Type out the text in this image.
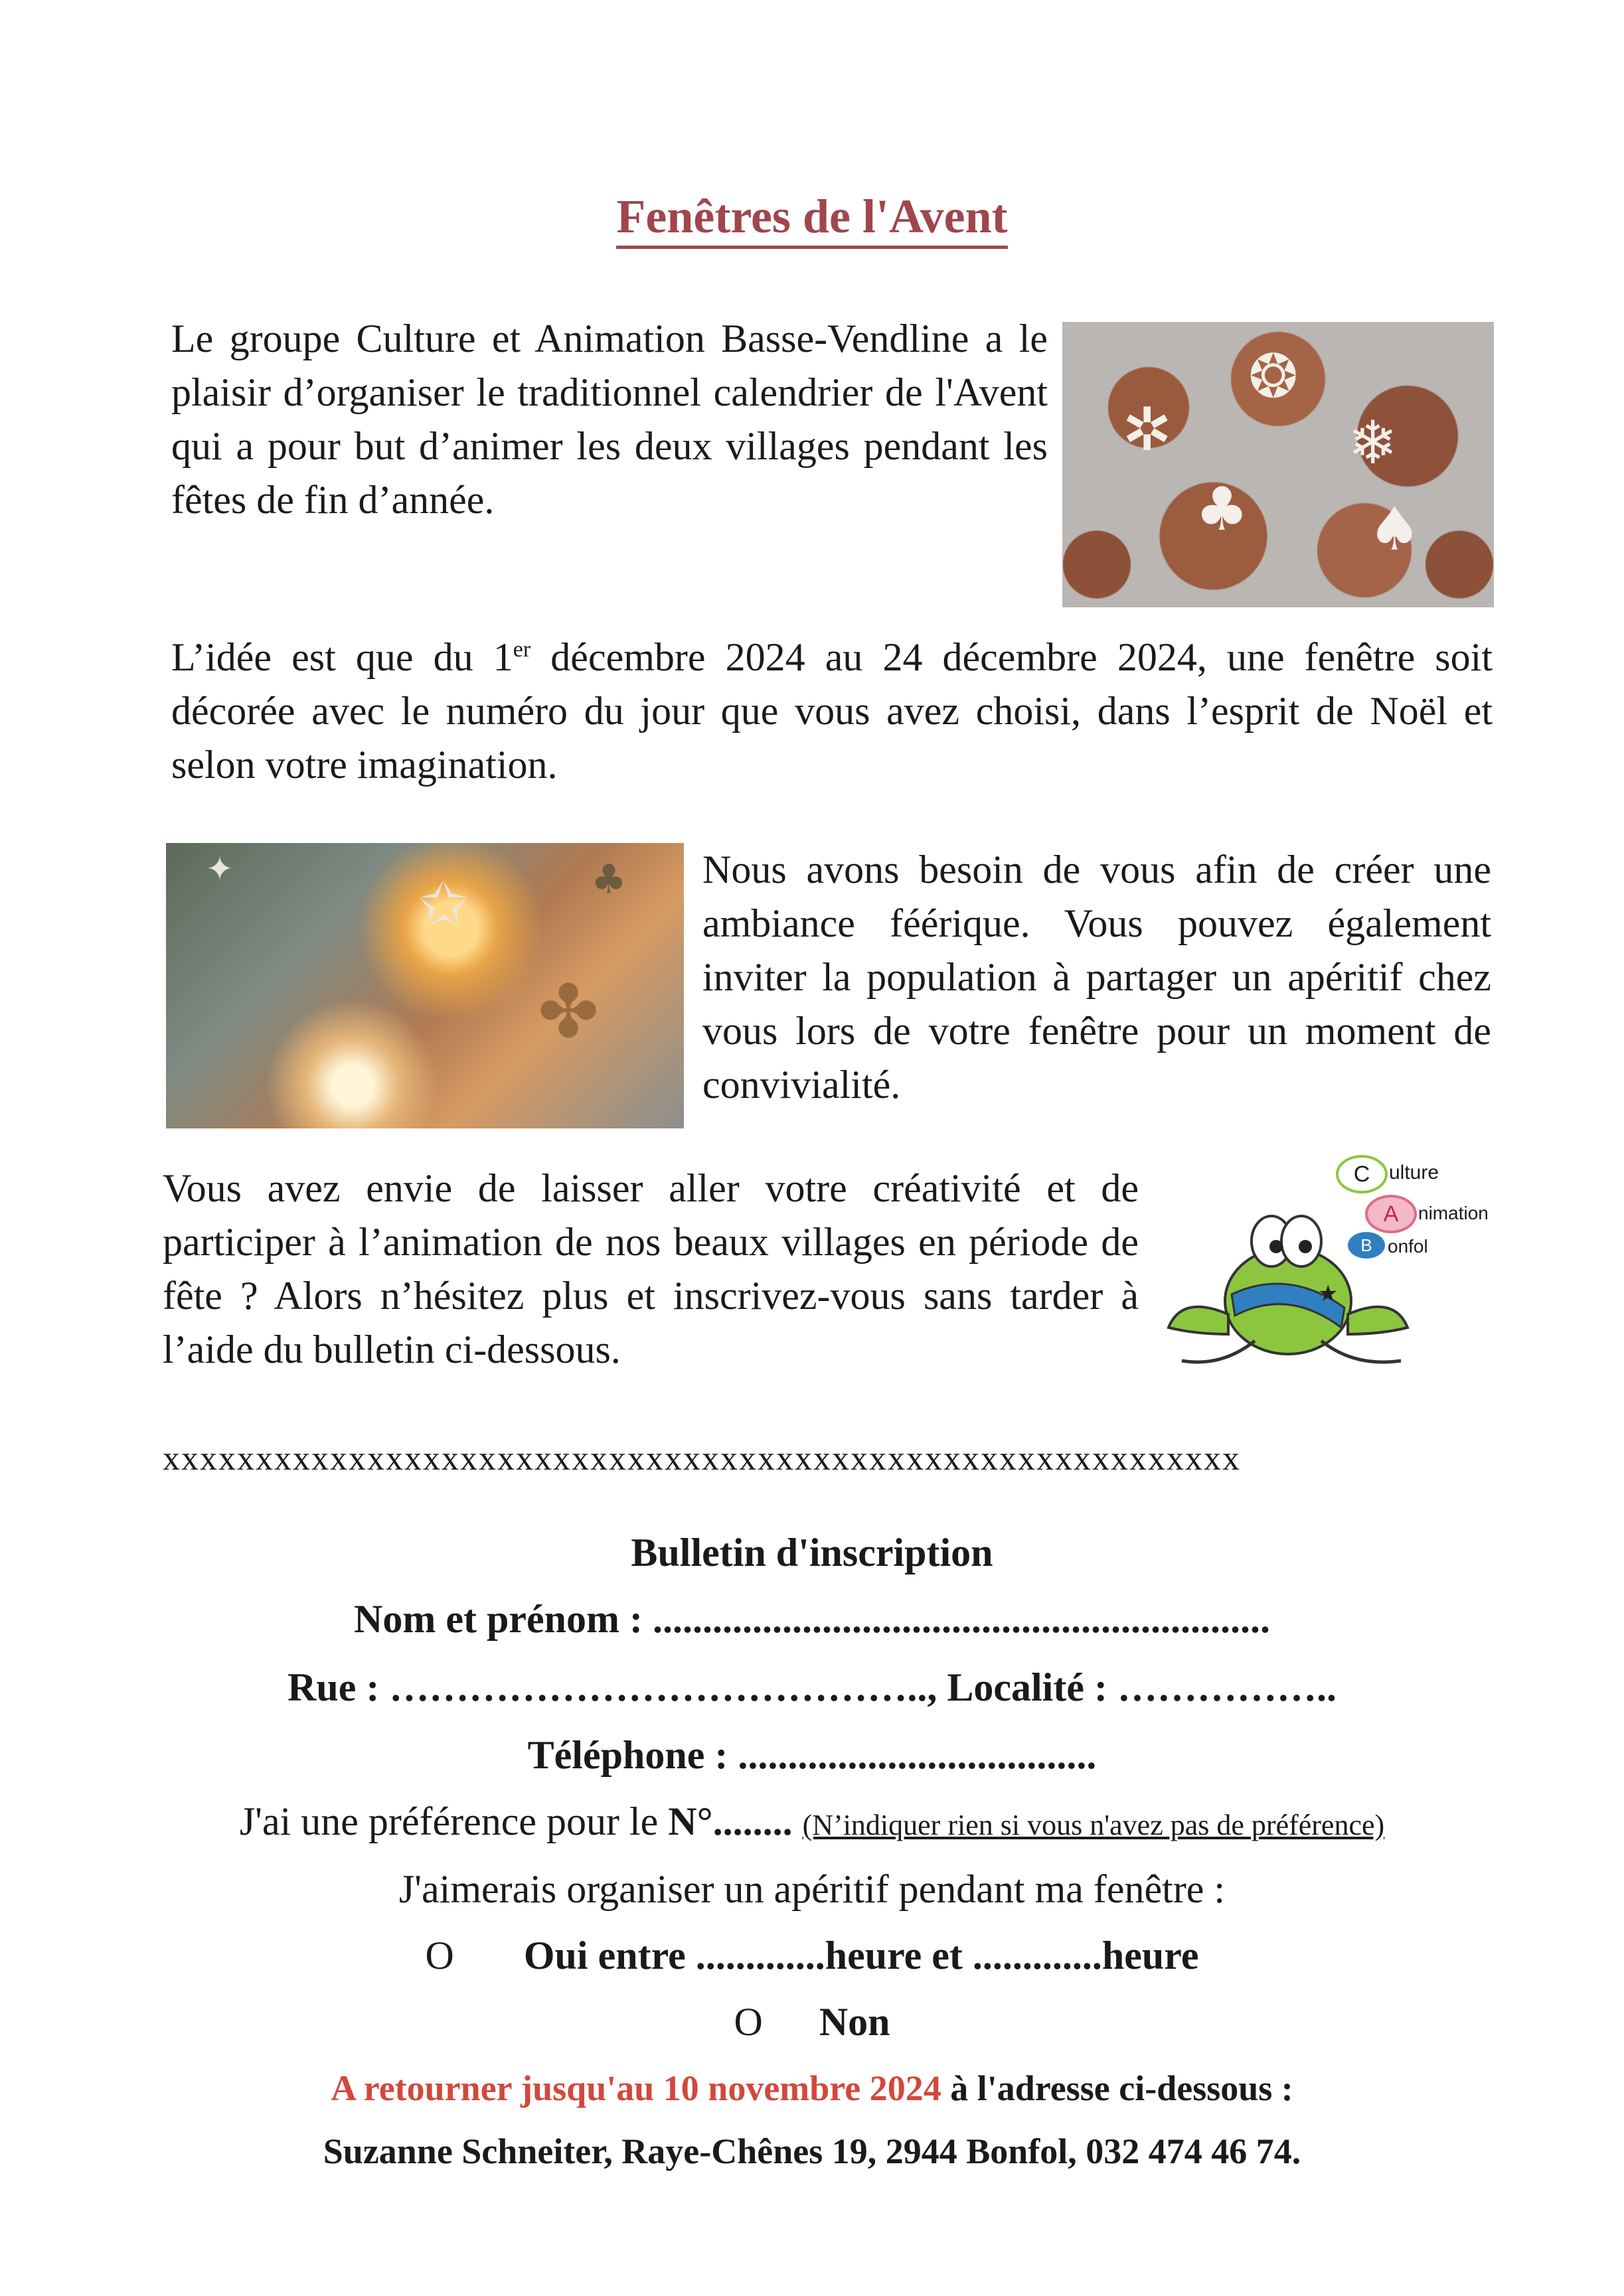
Fenêtres de l'Avent

Le groupe Culture et Animation Basse-Vendline a le plaisir d’organiser le traditionnel calendrier de l'Avent qui a pour but d’animer les deux villages pendant les fêtes de fin d’année.

✲
❂
❄
♣ ♠

L’idée est que du 1er décembre 2024 au 24 décembre 2024, une fenêtre soit décorée avec le numéro du jour que vous avez choisi, dans l’esprit de Noël et selon votre imagination.

✩
✦	♣
✤

Nous avons besoin de vous afin de créer une ambiance féérique. Vous pouvez également inviter la population à partager un apéritif chez vous lors de votre fenêtre pour un moment de convivialité.

Vous avez envie de laisser aller votre créativité et de participer à l’animation de nos beaux villages en période de fête ? Alors n’hésitez plus et inscrivez-vous sans tarder à l’aide du bulletin ci-dessous.

C ulture
A	nimation
B onfol
★
xxxxxxxxxxxxxxxxxxxxxxxxxxxxxxxxxxxxxxxxxxxxxxxxxxxxxxxxxx
Bulletin d'inscription
Nom et prénom : ..............................................................
Rue : ………………………………….., Localité : ……………..
Téléphone : ....................................
J'ai une préférence pour le N°........ (N’indiquer rien si vous n'avez pas de préférence)
J'aimerais organiser un apéritif pendant ma fenêtre :
O Oui entre .............heure et .............heure
O Non
A retourner jusqu'au 10 novembre 2024 à l'adresse ci-dessous :
Suzanne Schneiter, Raye-Chênes 19, 2944 Bonfol, 032 474 46 74.
